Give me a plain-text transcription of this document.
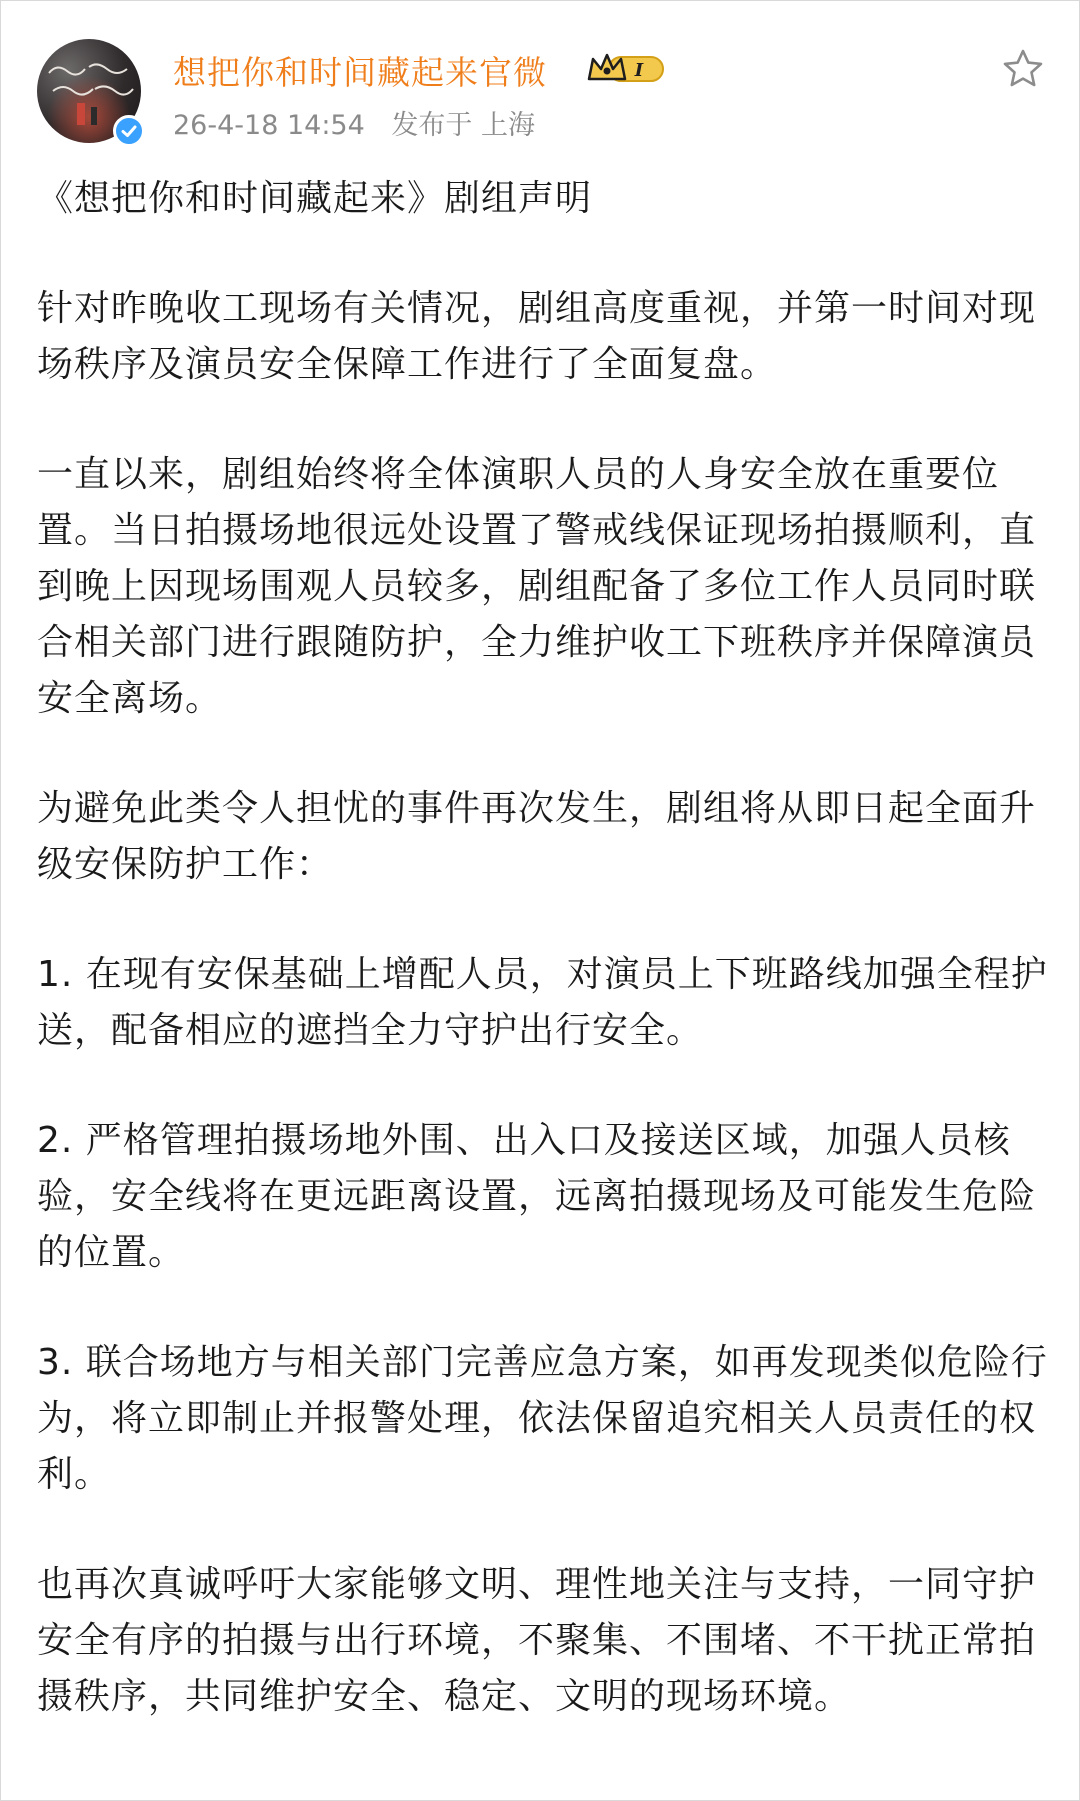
想把你和时间藏起来官微	I
26-4-18 14:54 发布于 上海

《想把你和时间藏起来》剧组声明

针对昨晚收工现场有关情况，剧组高度重视，并第一时间对现场秩序及演员安全保障工作进行了全面复盘。

一直以来，剧组始终将全体演职人员的人身安全放在重要位置。当日拍摄场地很远处设置了警戒线保证现场拍摄顺利，直到晚上因现场围观人员较多，剧组配备了多位工作人员同时联合相关部门进行跟随防护，全力维护收工下班秩序并保障演员安全离场。

为避免此类令人担忧的事件再次发生，剧组将从即日起全面升级安保防护工作：

1. 在现有安保基础上增配人员，对演员上下班路线加强全程护送，配备相应的遮挡全力守护出行安全。

2. 严格管理拍摄场地外围、出入口及接送区域，加强人员核验，安全线将在更远距离设置，远离拍摄现场及可能发生危险的位置。

3. 联合场地方与相关部门完善应急方案，如再发现类似危险行为，将立即制止并报警处理，依法保留追究相关人员责任的权利。

也再次真诚呼吁大家能够文明、理性地关注与支持，一同守护安全有序的拍摄与出行环境，不聚集、不围堵、不干扰正常拍摄秩序，共同维护安全、稳定、文明的现场环境。
